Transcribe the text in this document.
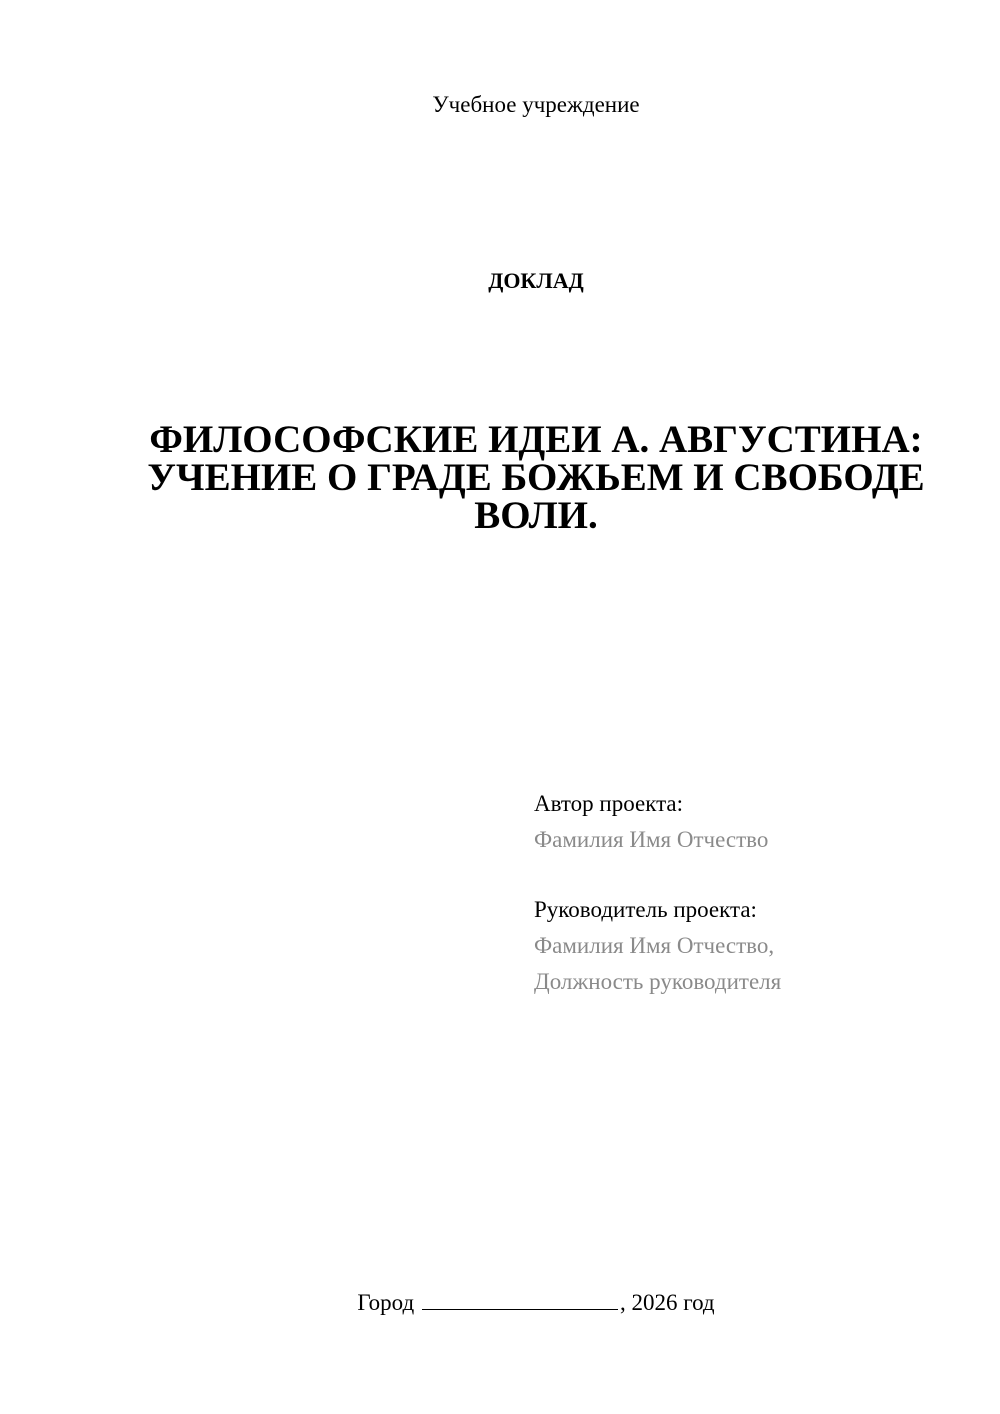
Учебное учреждение
ДОКЛАД
ФИЛОСОФСКИЕ ИДЕИ А. АВГУСТИНА:
УЧЕНИЕ О ГРАДЕ БОЖЬЕМ И СВОБОДЕ
ВОЛИ.
Автор проекта:
Фамилия Имя Отчество
Руководитель проекта:
Фамилия Имя Отчество,
Должность руководителя
Город	, 2026 год
